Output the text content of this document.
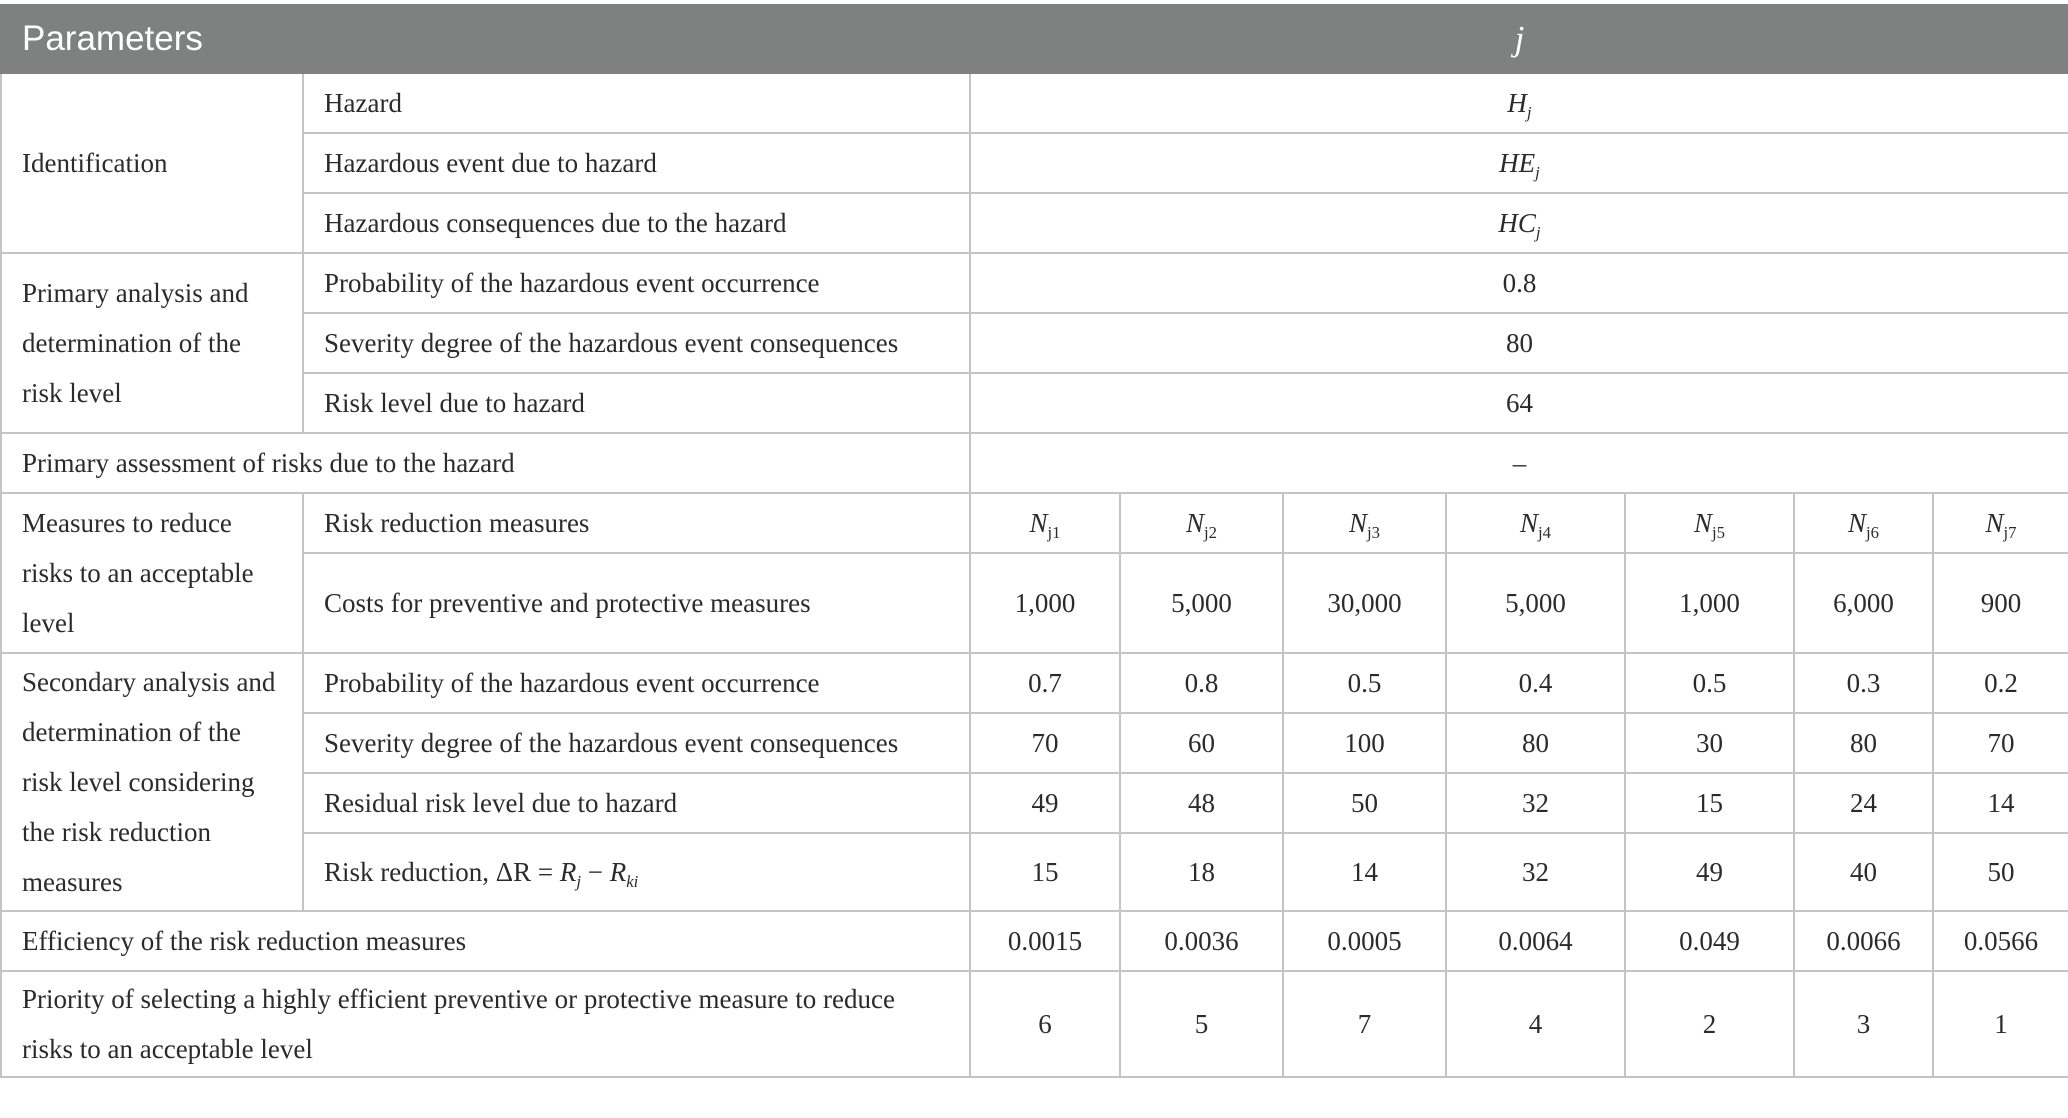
Parameters		j						
Identification	Hazard	$H_j$
	Hazardous event due to hazard	$HE_j$
	Hazardous consequences due to the hazard	$HC_j$
Primary analysis and determination of the risk level	Probability of the hazardous event occurrence	0.8						
	Severity degree of the hazardous event consequences	80						
	Risk level due to hazard	64						
Primary assessment of risks due to the hazard		–						
Measures to reduce risks to an acceptable level	Risk reduction measures	$N_{j1}$	$N_{j2}$	$N_{j3}$	$N_{j4}$	$N_{j5}$	$N_{j6}$	$N_{j7}$
	Costs for preventive and protective measures	1,000	5,000	30,000	5,000	1,000	6,000	900
Secondary analysis and determination of the risk level considering the risk reduction measures	Probability of the hazardous event occurrence	0.7	0.8	0.5	0.4	0.5	0.3	0.2
	Severity degree of the hazardous event consequences	70	60	100	80	30	80	70
	Residual risk level due to hazard	49	48	50	32	15	24	14
	Risk reduction, $\Delta R = R_j - R_{ki}$	15	18	14	32	49	40	50
Efficiency of the risk reduction measures		0.0015	0.0036	0.0005	0.0064	0.049	0.0066	0.0566

Priority of selecting a highly efficient preventive or protective measure to reduce risks to an acceptable level		6	5	7	4	2	3	1
